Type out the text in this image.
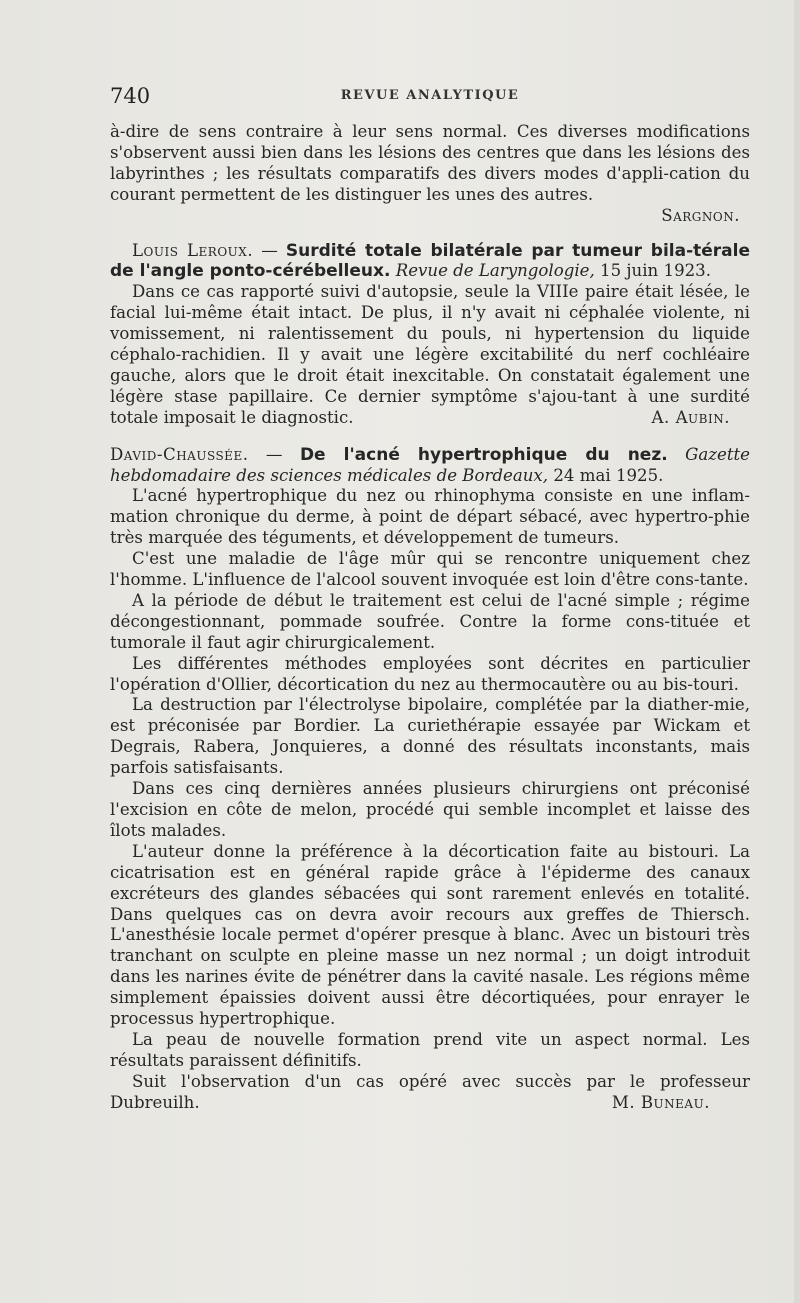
740	REVUE ANALYTIQUE

à-dire de sens contraire à leur sens normal. Ces diverses modifications s'observent aussi bien dans les lésions des centres que dans les lésions des labyrinthes ; les résultats comparatifs des divers modes d'appli-cation du courant permettent de les distinguer les unes des autres.

Sargnon.

Louis Leroux. — Surdité totale bilatérale par tumeur bila-térale de l'angle ponto-cérébelleux. Revue de Laryngologie, 15 juin 1923.

Dans ce cas rapporté suivi d'autopsie, seule la VIIIe paire était lésée, le facial lui-même était intact. De plus, il n'y avait ni céphalée violente, ni vomissement, ni ralentissement du pouls, ni hypertension du liquide céphalo-rachidien. Il y avait une légère excitabilité du nerf cochléaire gauche, alors que le droit était inexcitable. On constatait également une légère stase papillaire. Ce dernier symptôme s'ajou-tant à une surdité totale imposait le diagnostic.	A. Aubin.

David-Chaussée. — De l'acné hypertrophique du nez. Gazette hebdomadaire des sciences médicales de Bordeaux, 24 mai 1925.

L'acné hypertrophique du nez ou rhinophyma consiste en une inflam-mation chronique du derme, à point de départ sébacé, avec hypertro-phie très marquée des téguments, et développement de tumeurs.

C'est une maladie de l'âge mûr qui se rencontre uniquement chez l'homme. L'influence de l'alcool souvent invoquée est loin d'être cons-tante.

A la période de début le traitement est celui de l'acné simple ; régime décongestionnant, pommade soufrée. Contre la forme cons-tituée et tumorale il faut agir chirurgicalement.

Les différentes méthodes employées sont décrites en particulier l'opération d'Ollier, décortication du nez au thermocautère ou au bis-touri.

La destruction par l'électrolyse bipolaire, complétée par la diather-mie, est préconisée par Bordier. La curiethérapie essayée par Wickam et Degrais, Rabera, Jonquieres, a donné des résultats inconstants, mais parfois satisfaisants.

Dans ces cinq dernières années plusieurs chirurgiens ont préconisé l'excision en côte de melon, procédé qui semble incomplet et laisse des îlots malades.

L'auteur donne la préférence à la décortication faite au bistouri. La cicatrisation est en général rapide grâce à l'épiderme des canaux excréteurs des glandes sébacées qui sont rarement enlevés en totalité. Dans quelques cas on devra avoir recours aux greffes de Thiersch. L'anesthésie locale permet d'opérer presque à blanc. Avec un bistouri très tranchant on sculpte en pleine masse un nez normal ; un doigt introduit dans les narines évite de pénétrer dans la cavité nasale. Les régions même simplement épaissies doivent aussi être décortiquées, pour enrayer le processus hypertrophique.

La peau de nouvelle formation prend vite un aspect normal. Les résultats paraissent définitifs.

Suit l'observation d'un cas opéré avec succès par le professeur

Dubreuilh.	M. Buneau.
